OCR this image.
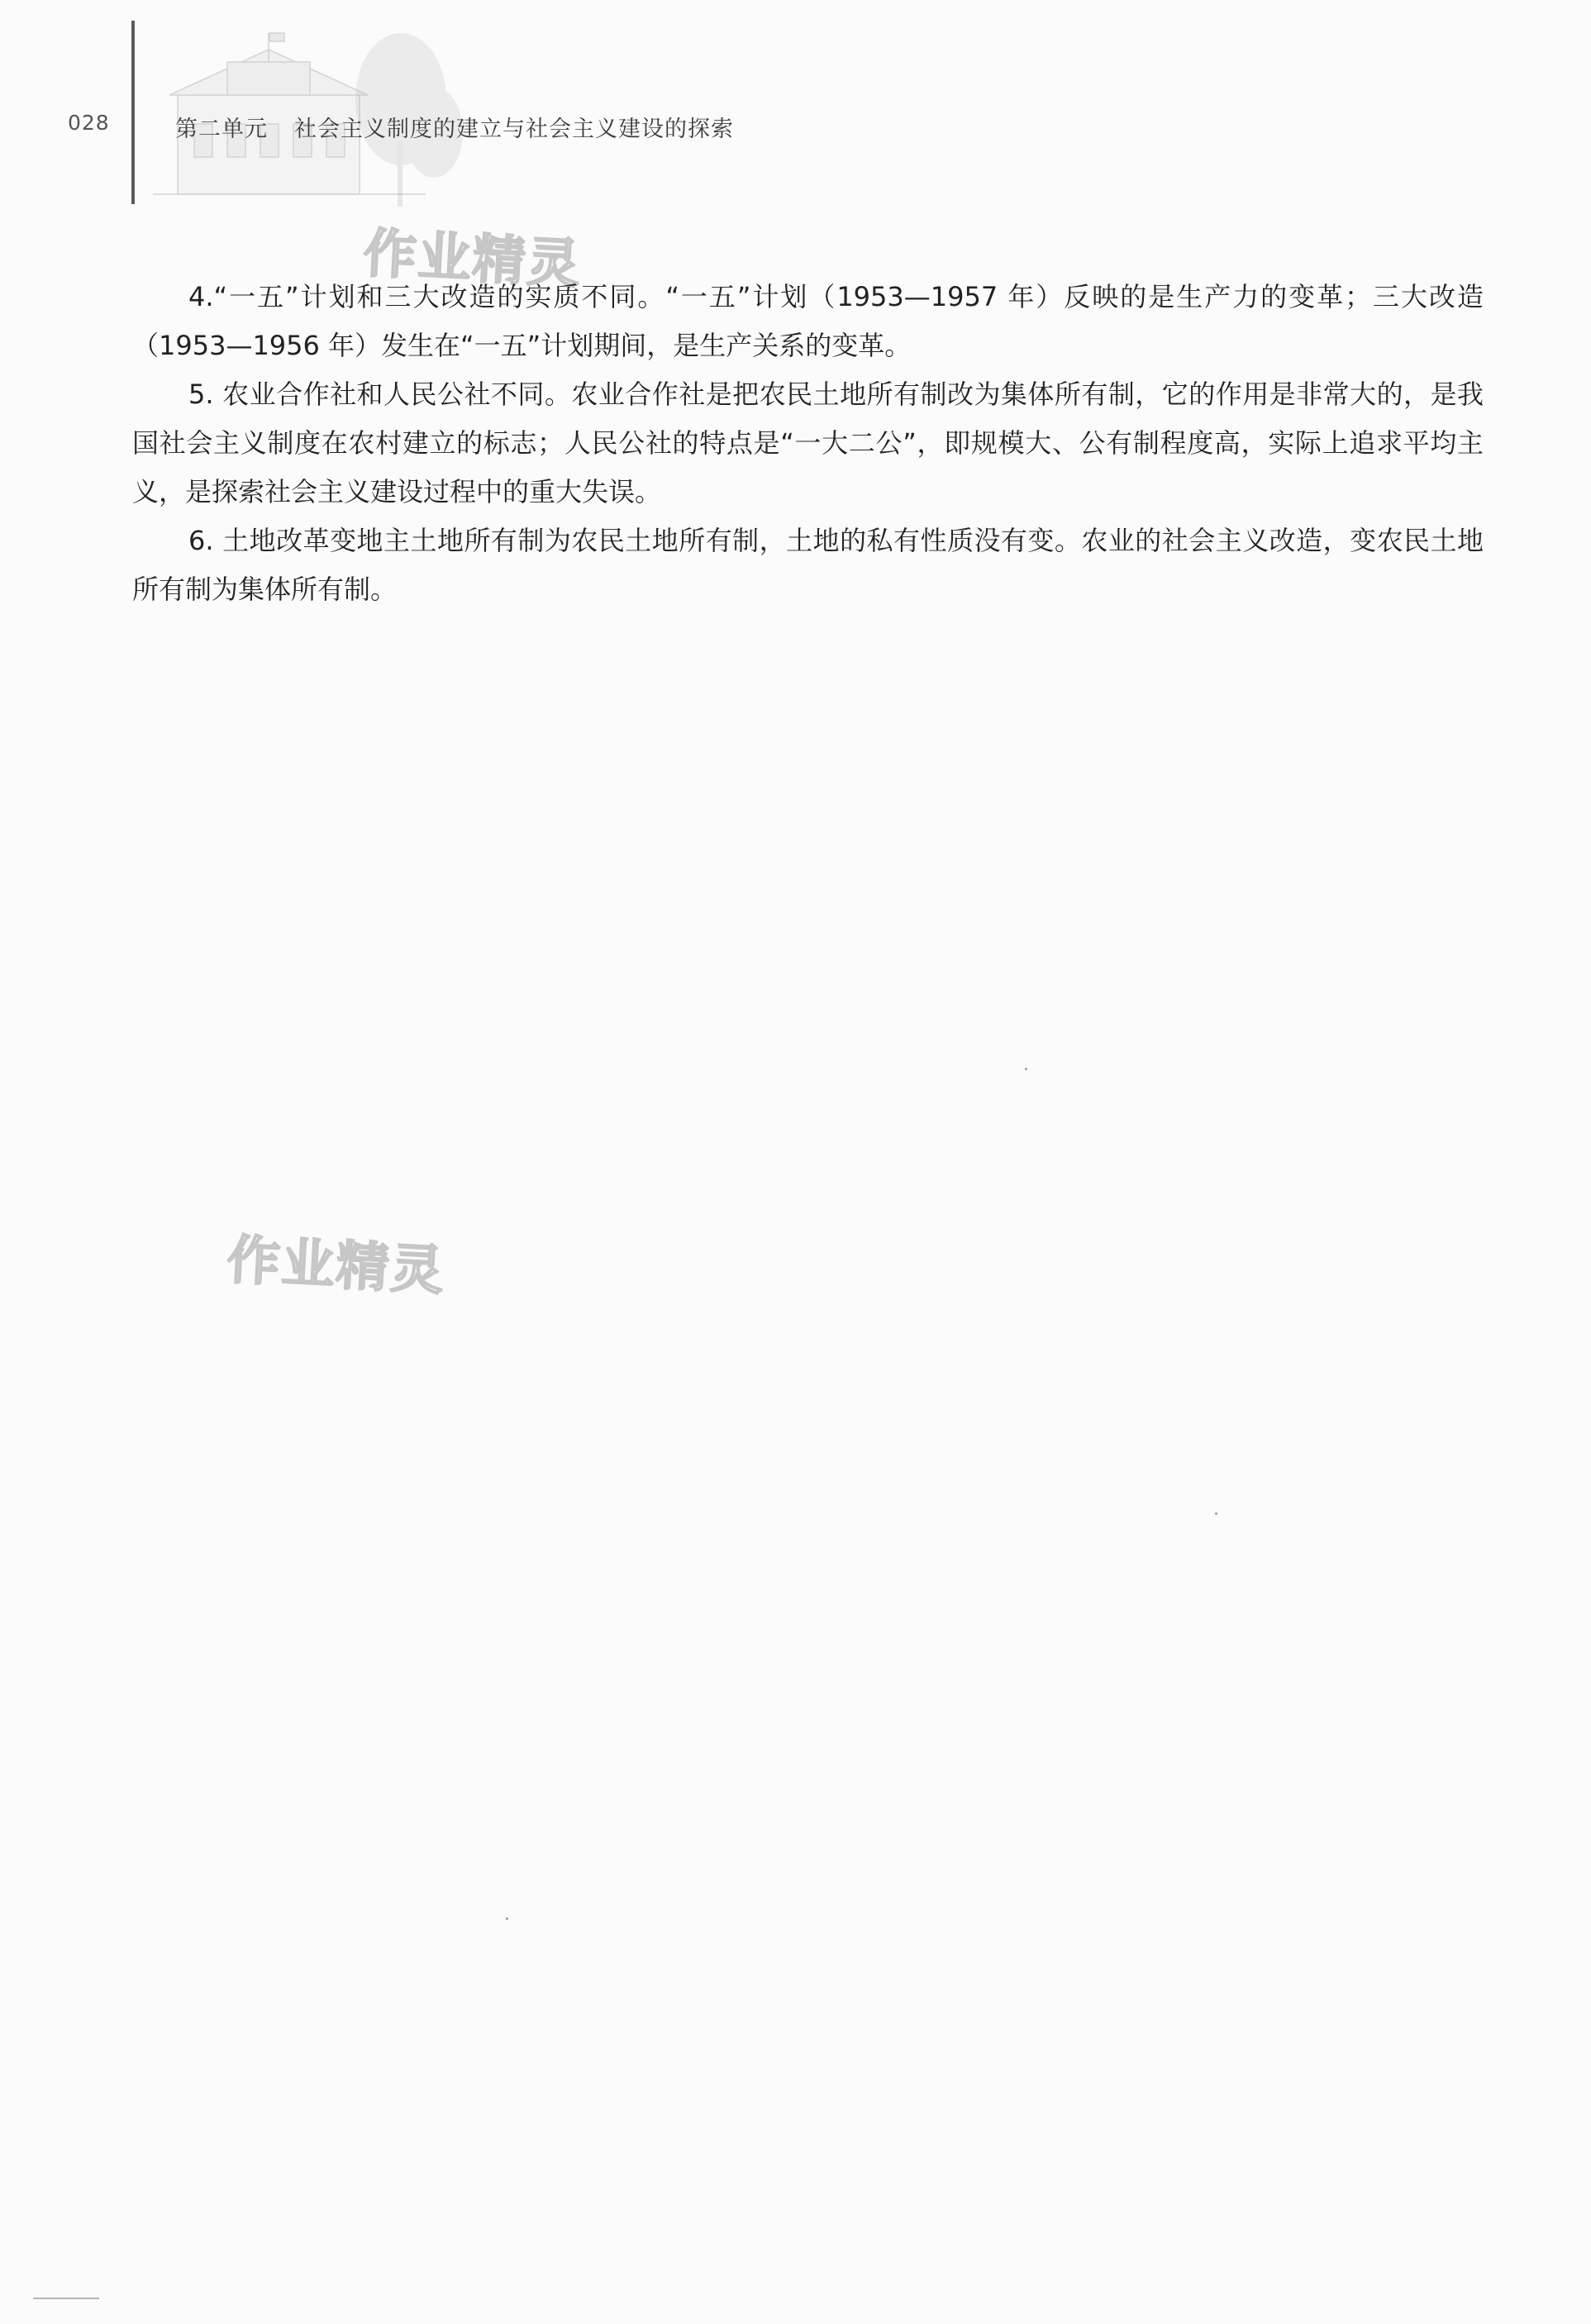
028	第二单元 社会主义制度的建立与社会主义建设的探索
作业精灵
作业精灵

4.“一五”计划和三大改造的实质不同。“一五”计划（1953—1957 年）反映的是生产力的变革；三大改造（1953—1956 年）发生在“一五”计划期间，是生产关系的变革。

5. 农业合作社和人民公社不同。农业合作社是把农民土地所有制改为集体所有制，它的作用是非常大的，是我国社会主义制度在农村建立的标志；人民公社的特点是“一大二公”，即规模大、公有制程度高，实际上追求平均主义，是探索社会主义建设过程中的重大失误。

6. 土地改革变地主土地所有制为农民土地所有制，土地的私有性质没有变。农业的社会主义改造，变农民土地所有制为集体所有制。
